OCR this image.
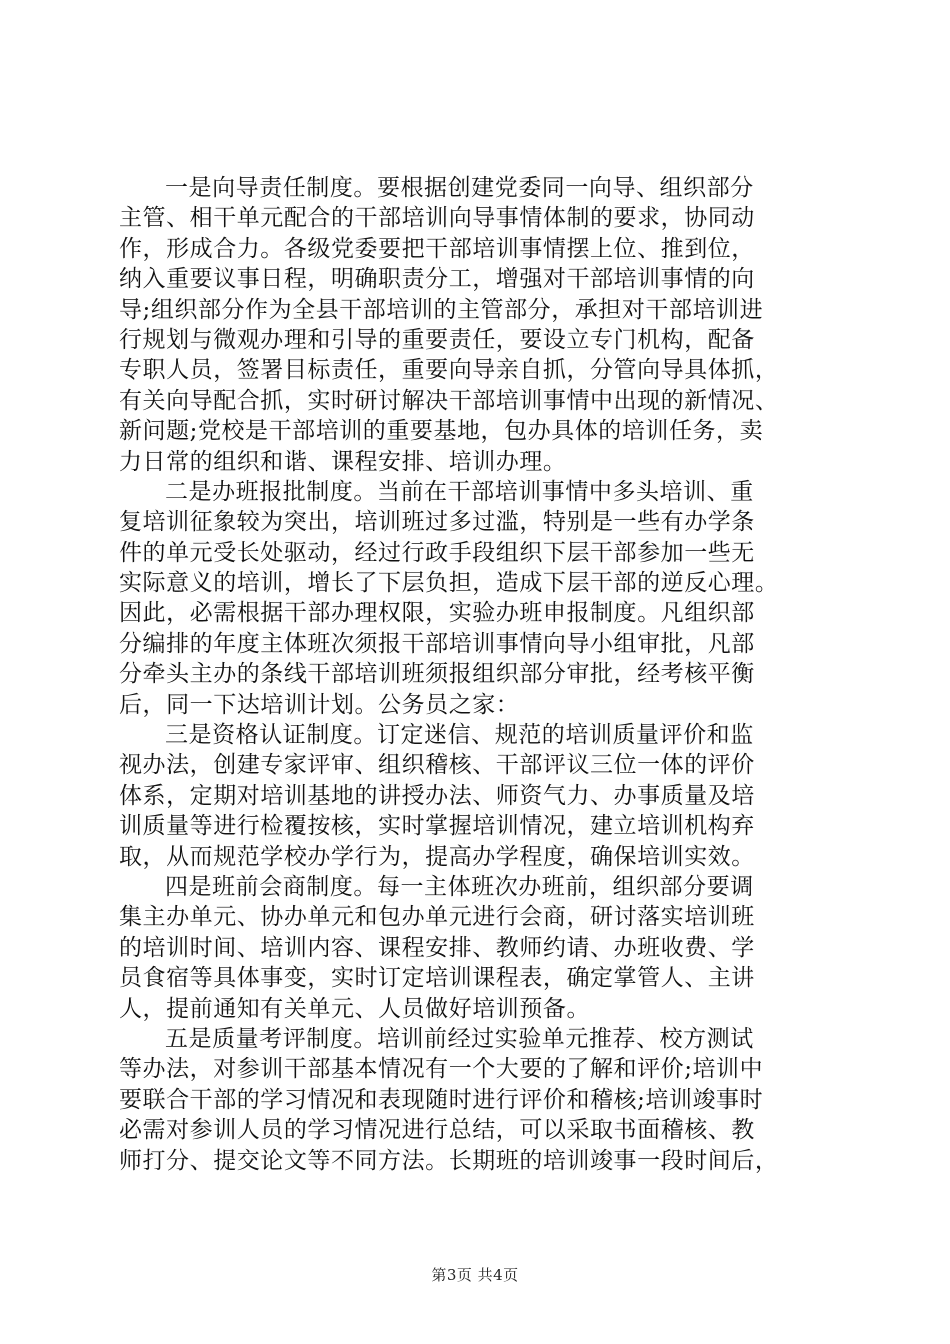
一是向导责任制度。要根据创建党委同一向导、组织部分
主管、相干单元配合的干部培训向导事情体制的要求，协同动
作，形成合力。各级党委要把干部培训事情摆上位、推到位，
纳入重要议事日程，明确职责分工，增强对干部培训事情的向
导;组织部分作为全县干部培训的主管部分，承担对干部培训进
行规划与微观办理和引导的重要责任，要设立专门机构，配备
专职人员，签署目标责任，重要向导亲自抓，分管向导具体抓，
有关向导配合抓，实时研讨解决干部培训事情中出现的新情况、
新问题;党校是干部培训的重要基地，包办具体的培训任务，卖
力日常的组织和谐、课程安排、培训办理。
二是办班报批制度。当前在干部培训事情中多头培训、重
复培训征象较为突出，培训班过多过滥，特别是一些有办学条
件的单元受长处驱动，经过行政手段组织下层干部参加一些无
实际意义的培训，增长了下层负担，造成下层干部的逆反心理。
因此，必需根据干部办理权限，实验办班申报制度。凡组织部
分编排的年度主体班次须报干部培训事情向导小组审批，凡部
分牵头主办的条线干部培训班须报组织部分审批，经考核平衡
后，同一下达培训计划。公务员之家：
三是资格认证制度。订定迷信、规范的培训质量评价和监
视办法，创建专家评审、组织稽核、干部评议三位一体的评价
体系，定期对培训基地的讲授办法、师资气力、办事质量及培
训质量等进行检覆按核，实时掌握培训情况，建立培训机构弃
取，从而规范学校办学行为，提高办学程度，确保培训实效。
四是班前会商制度。每一主体班次办班前，组织部分要调
集主办单元、协办单元和包办单元进行会商，研讨落实培训班
的培训时间、培训内容、课程安排、教师约请、办班收费、学
员食宿等具体事变，实时订定培训课程表，确定掌管人、主讲
人，提前通知有关单元、人员做好培训预备。
五是质量考评制度。培训前经过实验单元推荐、校方测试
等办法，对参训干部基本情况有一个大要的了解和评价;培训中
要联合干部的学习情况和表现随时进行评价和稽核;培训竣事时
必需对参训人员的学习情况进行总结，可以采取书面稽核、教
师打分、提交论文等不同方法。长期班的培训竣事一段时间后，
第3页 共4页
